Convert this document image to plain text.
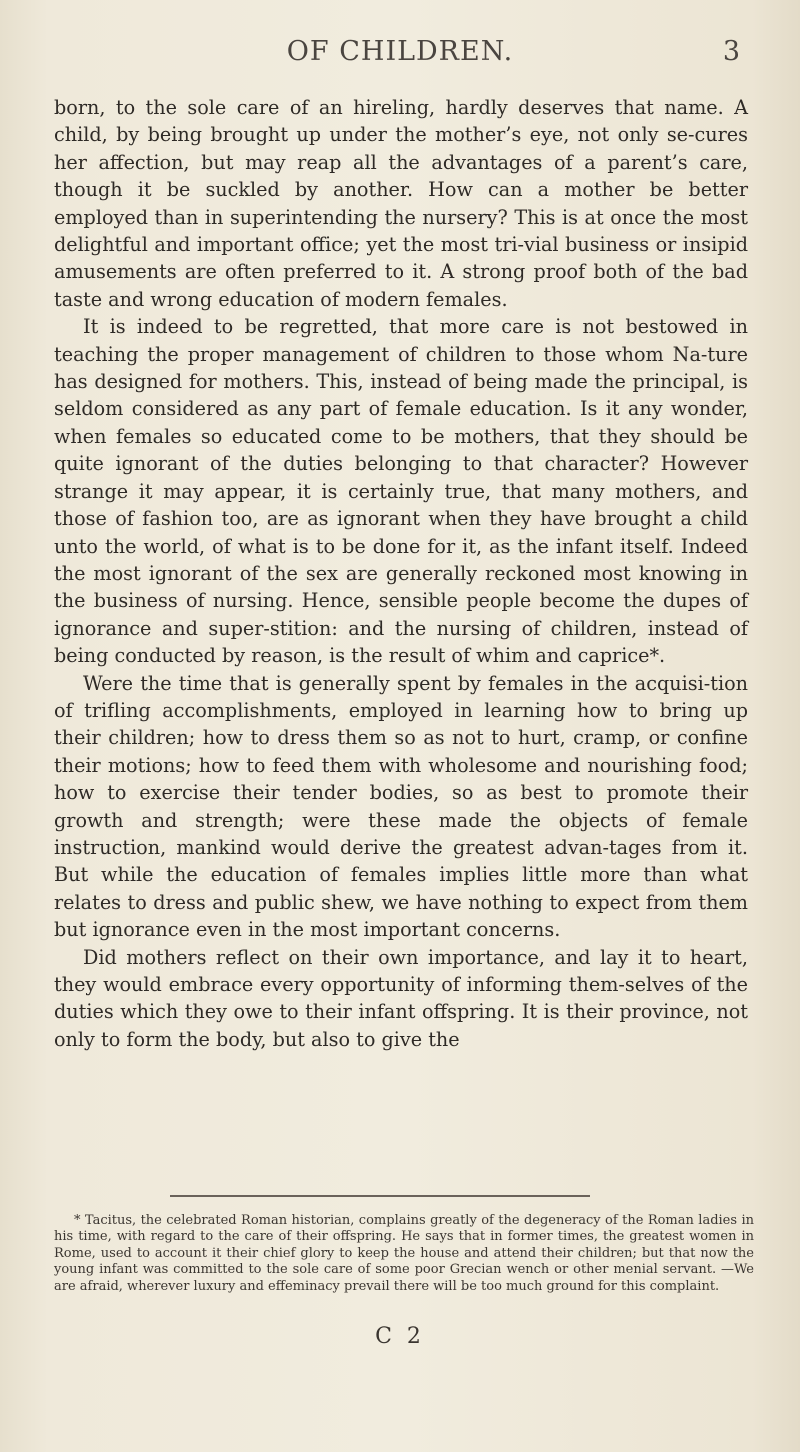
OF CHILDREN.	3

born, to the sole care of an hireling, hardly deserves that name. A child, by being brought up under the mother’s eye, not only se-cures her affection, but may reap all the advantages of a parent’s care, though it be suckled by another. How can a mother be better employed than in superintending the nursery? This is at once the most delightful and important office; yet the most tri-vial business or insipid amusements are often preferred to it. A strong proof both of the bad taste and wrong education of modern females.

It is indeed to be regretted, that more care is not bestowed in teaching the proper management of children to those whom Na-ture has designed for mothers. This, instead of being made the principal, is seldom considered as any part of female education. Is it any wonder, when females so educated come to be mothers, that they should be quite ignorant of the duties belonging to that character? However strange it may appear, it is certainly true, that many mothers, and those of fashion too, are as ignorant when they have brought a child unto the world, of what is to be done for it, as the infant itself. Indeed the most ignorant of the sex are generally reckoned most knowing in the business of nursing. Hence, sensible people become the dupes of ignorance and super-stition: and the nursing of children, instead of being conducted by reason, is the result of whim and caprice*.

Were the time that is generally spent by females in the acquisi-tion of trifling accomplishments, employed in learning how to bring up their children; how to dress them so as not to hurt, cramp, or confine their motions; how to feed them with wholesome and nourishing food; how to exercise their tender bodies, so as best to promote their growth and strength; were these made the objects of female instruction, mankind would derive the greatest advan-tages from it. But while the education of females implies little more than what relates to dress and public shew, we have nothing to expect from them but ignorance even in the most important concerns.

Did mothers reflect on their own importance, and lay it to heart, they would embrace every opportunity of informing them-selves of the duties which they owe to their infant offspring. It is their province, not only to form the body, but also to give the

* Tacitus, the celebrated Roman historian, complains greatly of the degeneracy of the Roman ladies in his time, with regard to the care of their offspring. He says that in former times, the greatest women in Rome, used to account it their chief glory to keep the house and attend their children; but that now the young infant was committed to the sole care of some poor Grecian wench or other menial servant. —We are afraid, wherever luxury and effeminacy prevail there will be too much ground for this complaint.

C 2
